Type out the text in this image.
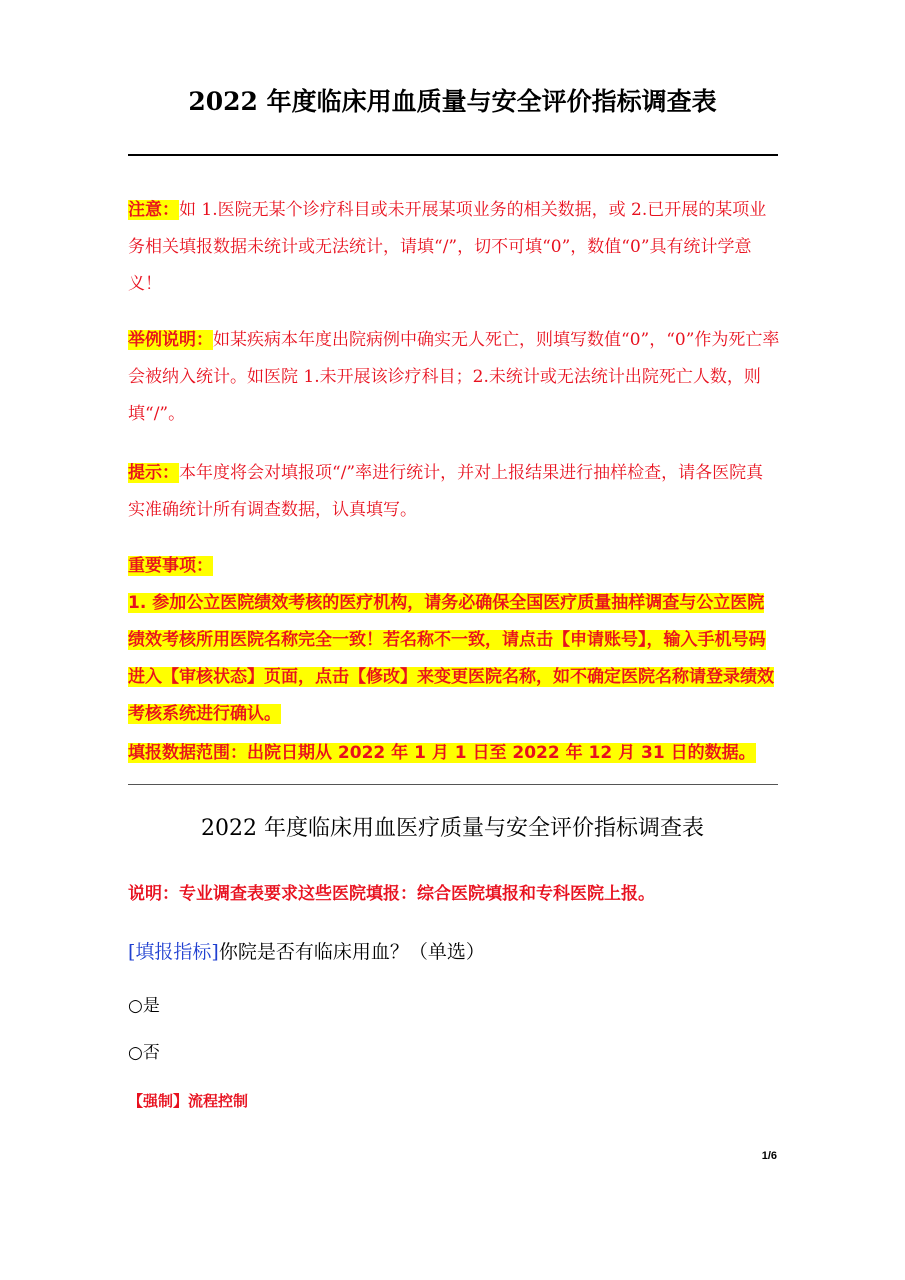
2022 年度临床用血质量与安全评价指标调查表
注意：如 1.医院无某个诊疗科目或未开展某项业务的相关数据，或 2.已开展的某项业务相关填报数据未统计或无法统计，请填“/”，切不可填“0”，数值“0”具有统计学意义！
举例说明：如某疾病本年度出院病例中确实无人死亡，则填写数值“0”，“0”作为死亡率会被纳入统计。如医院 1.未开展该诊疗科目；2.未统计或无法统计出院死亡人数，则填“/”。
提示：本年度将会对填报项“/”率进行统计，并对上报结果进行抽样检查，请各医院真实准确统计所有调查数据，认真填写。
重要事项：
1. 参加公立医院绩效考核的医疗机构，请务必确保全国医疗质量抽样调查与公立医院绩效考核所用医院名称完全一致！若名称不一致，请点击【申请账号】，输入手机号码进入【审核状态】页面，点击【修改】来变更医院名称，如不确定医院名称请登录绩效考核系统进行确认。
填报数据范围：出院日期从 2022 年 1 月 1 日至 2022 年 12 月 31 日的数据。
2022 年度临床用血医疗质量与安全评价指标调查表
说明：专业调查表要求这些医院填报：综合医院填报和专科医院上报。
[填报指标]你院是否有临床用血？（单选）
○是
○否
【强制】流程控制
1/6
